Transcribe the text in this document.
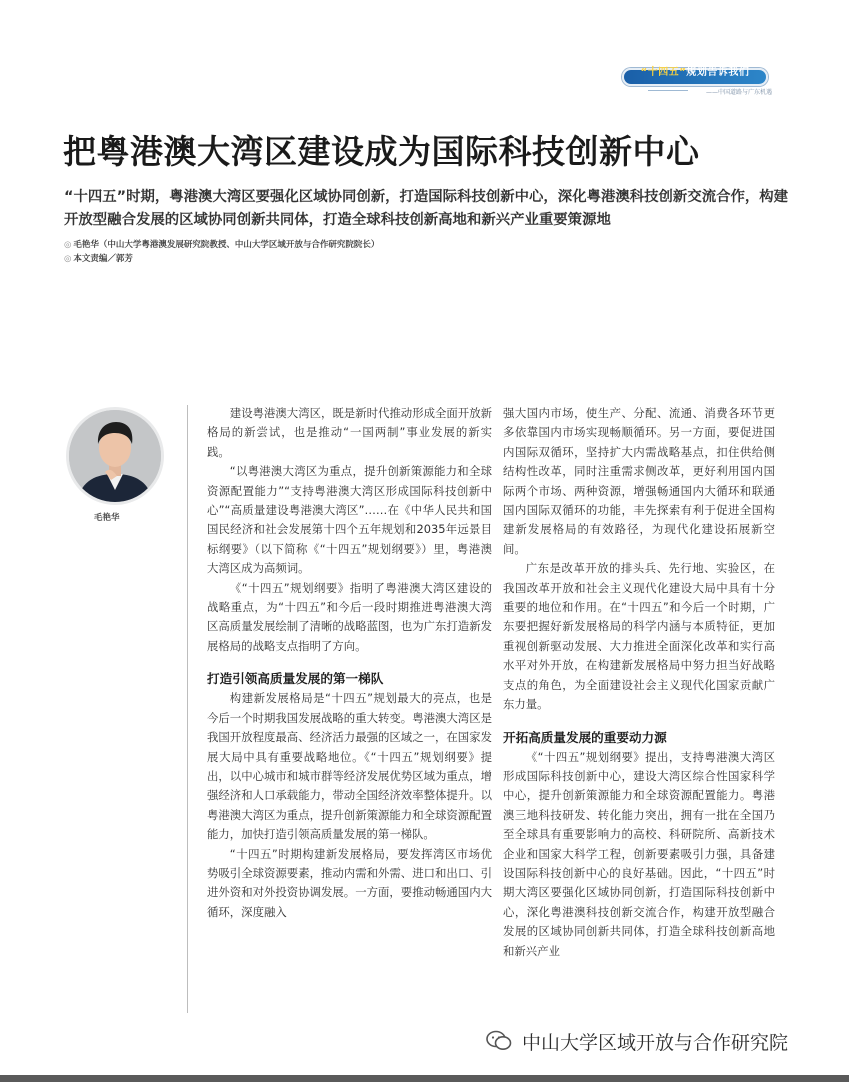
“十四五”规划告诉我们
——中国道路与广东机遇
把粤港澳大湾区建设成为国际科技创新中心
“十四五”时期，粤港澳大湾区要强化区域协同创新，打造国际科技创新中心，深化粤港澳科技创新交流合作，构建开放型融合发展的区域协同创新共同体，打造全球科技创新高地和新兴产业重要策源地
◎ 毛艳华（中山大学粤港澳发展研究院教授、中山大学区域开放与合作研究院院长）
◎ 本文责编／郭芳
毛艳华

建设粤港澳大湾区，既是新时代推动形成全面开放新格局的新尝试，也是推动“一国两制”事业发展的新实践。

“以粤港澳大湾区为重点，提升创新策源能力和全球资源配置能力”“支持粤港澳大湾区形成国际科技创新中心”“高质量建设粤港澳大湾区”……在《中华人民共和国国民经济和社会发展第十四个五年规划和2035年远景目标纲要》（以下简称《“十四五”规划纲要》）里，粤港澳大湾区成为高频词。

《“十四五”规划纲要》指明了粤港澳大湾区建设的战略重点，为“十四五”和今后一段时期推进粤港澳大湾区高质量发展绘制了清晰的战略蓝图，也为广东打造新发展格局的战略支点指明了方向。

打造引领高质量发展的第一梯队

构建新发展格局是“十四五”规划最大的亮点，也是今后一个时期我国发展战略的重大转变。粤港澳大湾区是我国开放程度最高、经济活力最强的区域之一，在国家发展大局中具有重要战略地位。《“十四五”规划纲要》提出，以中心城市和城市群等经济发展优势区域为重点，增强经济和人口承载能力，带动全国经济效率整体提升。以粤港澳大湾区为重点，提升创新策源能力和全球资源配置能力，加快打造引领高质量发展的第一梯队。

“十四五”时期构建新发展格局，要发挥湾区市场优势吸引全球资源要素，推动内需和外需、进口和出口、引进外资和对外投资协调发展。一方面，要推动畅通国内大循环，深度融入

强大国内市场，使生产、分配、流通、消费各环节更多依靠国内市场实现畅顺循环。另一方面，要促进国内国际双循环，坚持扩大内需战略基点，扣住供给侧结构性改革，同时注重需求侧改革，更好利用国内国际两个市场、两种资源，增强畅通国内大循环和联通国内国际双循环的功能，丰先探索有利于促进全国构建新发展格局的有效路径，为现代化建设拓展新空间。

广东是改革开放的排头兵、先行地、实验区，在我国改革开放和社会主义现代化建设大局中具有十分重要的地位和作用。在“十四五”和今后一个时期，广东要把握好新发展格局的科学内涵与本质特征，更加重视创新驱动发展、大力推进全面深化改革和实行高水平对外开放，在构建新发展格局中努力担当好战略支点的角色，为全面建设社会主义现代化国家贡献广东力量。

开拓高质量发展的重要动力源

《“十四五”规划纲要》提出，支持粤港澳大湾区形成国际科技创新中心，建设大湾区综合性国家科学中心，提升创新策源能力和全球资源配置能力。粤港澳三地科技研发、转化能力突出，拥有一批在全国乃至全球具有重要影响力的高校、科研院所、高新技术企业和国家大科学工程，创新要素吸引力强，具备建设国际科技创新中心的良好基础。因此，“十四五”时期大湾区要强化区域协同创新，打造国际科技创新中心，深化粤港澳科技创新交流合作，构建开放型融合发展的区域协同创新共同体，打造全球科技创新高地和新兴产业

中山大学区域开放与合作研究院
